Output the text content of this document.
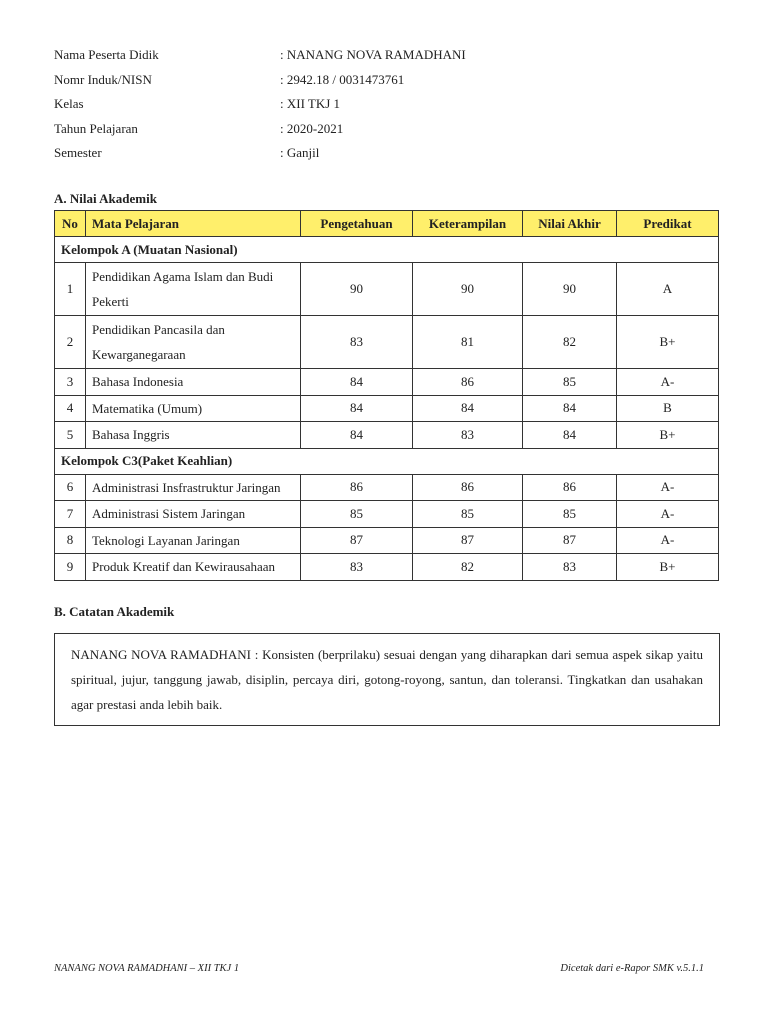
Nama Peserta Didik	: NANANG NOVA RAMADHANI
Nomr Induk/NISN	: 2942.18 / 0031473761
Kelas	: XII TKJ 1
Tahun Pelajaran	: 2020-2021
Semester	: Ganjil
A. Nilai Akademik
No	Mata Pelajaran	Pengetahuan	Keterampilan	Nilai Akhir	Predikat
Kelompok A (Muatan Nasional)					
1	Pendidikan Agama Islam dan Budi Pekerti	90	90	90	A
2	Pendidikan Pancasila dan Kewarganegaraan	83	81	82	B+
3	Bahasa Indonesia	84	86	85	A-
4	Matematika (Umum)	84	84	84	B
5	Bahasa Inggris	84	83	84	B+
Kelompok C3(Paket Keahlian)					
6	Administrasi Insfrastruktur Jaringan	86	86	86	A-
7	Administrasi Sistem Jaringan	85	85	85	A-
8	Teknologi Layanan Jaringan	87	87	87	A-
9	Produk Kreatif dan Kewirausahaan	83	82	83	B+
B. Catatan Akademik
NANANG NOVA RAMADHANI : Konsisten (berprilaku) sesuai dengan yang diharapkan dari semua aspek sikap yaitu spiritual, jujur, tanggung jawab, disiplin, percaya diri, gotong-royong, santun, dan toleransi. Tingkatkan dan usahakan agar prestasi anda lebih baik.
NANANG NOVA RAMADHANI – XII TKJ 1	Dicetak dari e-Rapor SMK v.5.1.1
